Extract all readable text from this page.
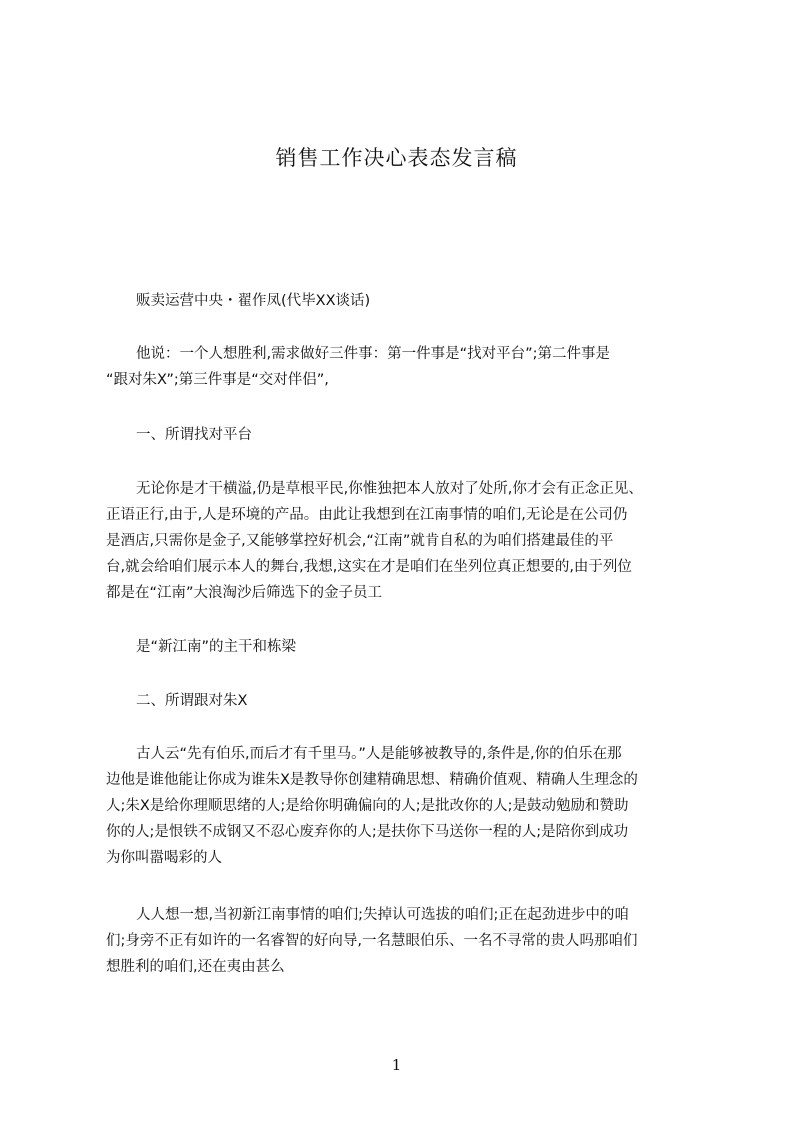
销售工作决心表态发言稿

贩卖运营中央・翟作凤(代毕XX谈话)

他说：一个人想胜利,需求做好三件事：第一件事是“找对平台”;第二件事是

“跟对朱X”;第三件事是“交对伴侣”,

一、所谓找对平台

无论你是才干横溢,仍是草根平民,你惟独把本人放对了处所,你才会有正念正见、

正语正行,由于,人是环境的产品。由此让我想到在江南事情的咱们,无论是在公司仍

是酒店,只需你是金子,又能够掌控好机会,“江南”就肯自私的为咱们搭建最佳的平

台,就会给咱们展示本人的舞台,我想,这实在才是咱们在坐列位真正想要的,由于列位

都是在“江南”大浪淘沙后筛选下的金子员工

是“新江南”的主干和栋梁

二、所谓跟对朱X

古人云“先有伯乐,而后才有千里马。”人是能够被教导的,条件是,你的伯乐在那

边他是谁他能让你成为谁朱X是教导你创建精确思想、精确价值观、精确人生理念的

人;朱X是给你理顺思绪的人;是给你明确偏向的人;是批改你的人;是鼓动勉励和赞助

你的人;是恨铁不成钢又不忍心废弃你的人;是扶你下马送你一程的人;是陪你到成功

为你叫嚣喝彩的人

人人想一想,当初新江南事情的咱们;失掉认可选拔的咱们;正在起劲进步中的咱

们;身旁不正有如许的一名睿智的好向导,一名慧眼伯乐、一名不寻常的贵人吗那咱们

想胜利的咱们,还在夷由甚么

1
